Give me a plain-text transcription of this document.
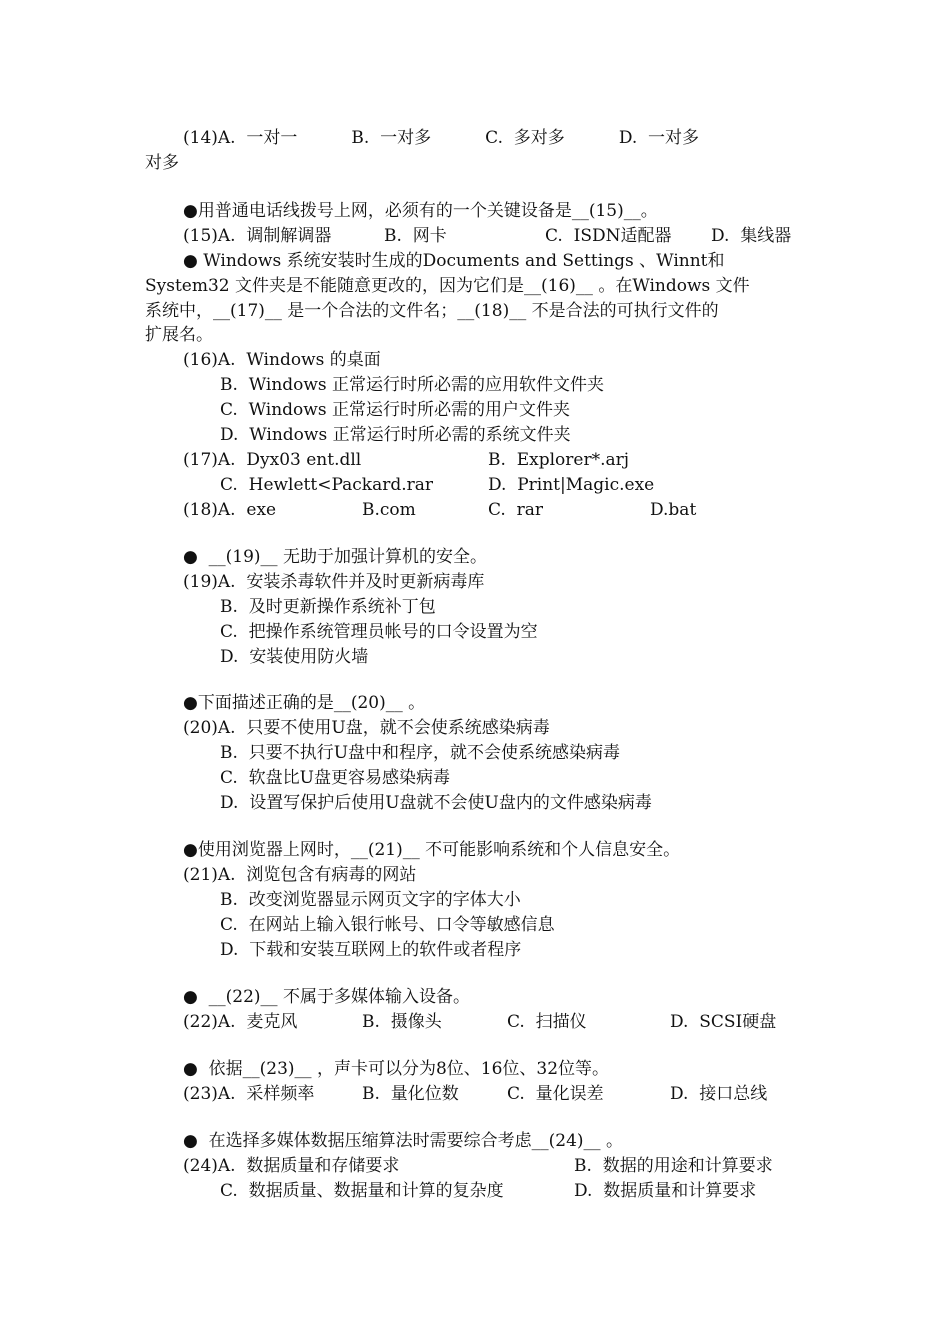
(14)A.  一对一          B.  一对多          C.  多对多          D.  一对多
对多
●用普通电话线拨号上网，必须有的一个关键设备是__(15)__。
(15)A.  调制解调器	B.  网卡	C.  ISDN适配器 D.  集线器
● Windows 系统安装时生成的Documents and Settings 、Winnt和
System32 文件夹是不能随意更改的，因为它们是__(16)__ 。在Windows 文件
系统中，__(17)__ 是一个合法的文件名；__(18)__ 不是合法的可执行文件的
扩展名。
(16)A.  Windows 的桌面
B.  Windows 正常运行时所必需的应用软件文件夹
C.  Windows 正常运行时所必需的用户文件夹
D.  Windows 正常运行时所必需的系统文件夹
(17)A.  Dyx03 ent.dll	B.  Explorer*.arj
C.  Hewlett<Packard.rar	D.  Print|Magic.exe
(18)A.  exe	B.com	C.  rar	D.bat
●  __(19)__ 无助于加强计算机的安全。
(19)A.  安装杀毒软件并及时更新病毒库
B.  及时更新操作系统补丁包
C.  把操作系统管理员帐号的口令设置为空
D.  安装使用防火墙
●下面描述正确的是__(20)__ 。
(20)A.  只要不使用U盘，就不会使系统感染病毒
B.  只要不执行U盘中和程序，就不会使系统感染病毒
C.  软盘比U盘更容易感染病毒
D.  设置写保护后使用U盘就不会使U盘内的文件感染病毒
●使用浏览器上网时，__(21)__ 不可能影响系统和个人信息安全。
(21)A.  浏览包含有病毒的网站
B.  改变浏览器显示网页文字的字体大小
C.  在网站上输入银行帐号、口令等敏感信息
D.  下载和安装互联网上的软件或者程序
●  __(22)__ 不属于多媒体输入设备。
(22)A.  麦克风	B.  摄像头	C.  扫描仪	D.  SCSI硬盘
●  依据__(23)__ ，声卡可以分为8位、16位、32位等。
(23)A.  采样频率	B.  量化位数	C.  量化误差	D.  接口总线
●  在选择多媒体数据压缩算法时需要综合考虑__(24)__ 。
(24)A.  数据质量和存储要求	B.  数据的用途和计算要求
C.  数据质量、数据量和计算的复杂度	D.  数据质量和计算要求
